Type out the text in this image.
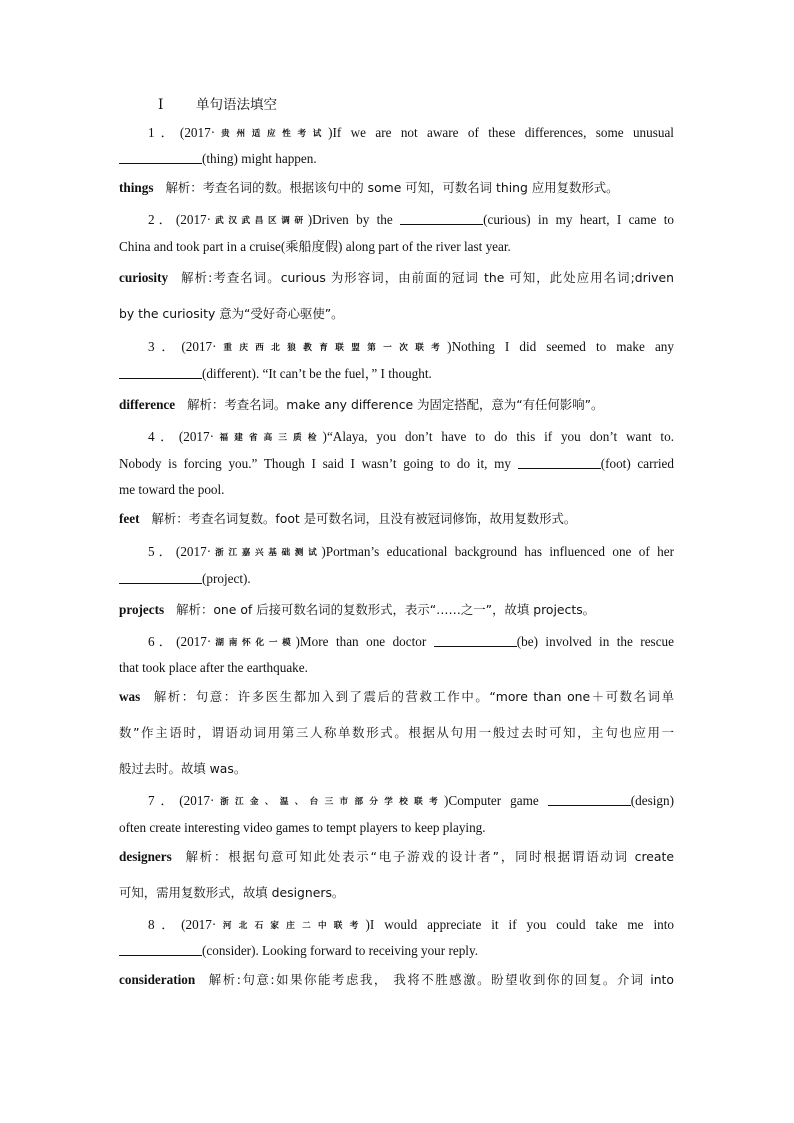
Ⅰ 单句语法填空
1．(2017·贵州适应性考试)If we are not aware of these differences, some unusual
(thing) might happen.
things 解析：考查名词的数。根据该句中的 some 可知，可数名词 thing 应用复数形式。
2．(2017·武汉武昌区调研)Driven by the	(curious) in my heart, I came to
China and took part in a cruise(乘船度假) along part of the river last year.
curiosity 解析:考查名词。curious 为形容词，由前面的冠词 the 可知，此处应用名词;driven
by the curiosity 意为“受好奇心驱使”。
3．(2017·重庆西北狼教育联盟第一次联考)Nothing I did seemed to make any
(different). “It can’t be the fuel，” I thought.
difference 解析：考查名词。make any difference 为固定搭配，意为“有任何影响”。
4．(2017·福建省高三质检)“Alaya, you don’t have to do this if you don’t want to.
Nobody is forcing you.” Though I said I wasn’t going to do it, my	(foot) carried
me toward the pool.
feet 解析：考查名词复数。foot 是可数名词，且没有被冠词修饰，故用复数形式。
5．(2017·浙江嘉兴基础测试)Portman’s educational background has influenced one of her
(project).
projects 解析：one of 后接可数名词的复数形式，表示“……之一”，故填 projects。
6．(2017·湖南怀化一模)More than one doctor	(be) involved in the rescue
that took place after the earthquake.
was 解析：句意：许多医生都加入到了震后的营救工作中。“more than one＋可数名词单
数”作主语时，谓语动词用第三人称单数形式。根据从句用一般过去时可知，主句也应用一
般过去时。故填 was。
7．(2017·浙江金、温、台三市部分学校联考)Computer game	(design)
often create interesting video games to tempt players to keep playing.
designers 解析：根据句意可知此处表示“电子游戏的设计者”，同时根据谓语动词 create
可知，需用复数形式，故填 designers。
8．(2017·河北石家庄二中联考)I would appreciate it if you could take me into
(consider). Looking forward to receiving your reply.
consideration 解析:句意:如果你能考虑我， 我将不胜感激。盼望收到你的回复。介词 into
